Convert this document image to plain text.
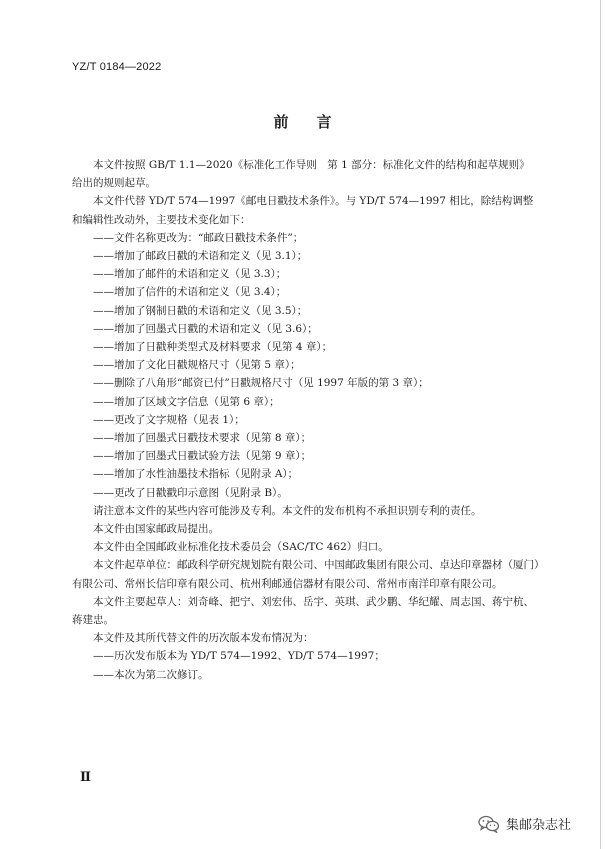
YZ/T 0184—2022
前言

本文件按照 GB/T 1.1—2020《标准化工作导则　第 1 部分：标准化文件的结构和起草规则》给出的规则起草。

本文件代替 YD/T 574—1997《邮电日戳技术条件》。与 YD/T 574—1997 相比，除结构调整和编辑性改动外，主要技术变化如下：

——文件名称更改为：“邮政日戳技术条件”；

——增加了邮政日戳的术语和定义（见 3.1）；

——增加了邮件的术语和定义（见 3.3）；

——增加了信件的术语和定义（见 3.4）；

——增加了钢制日戳的术语和定义（见 3.5）；

——增加了回墨式日戳的术语和定义（见 3.6）；

——增加了日戳种类型式及材料要求（见第 4 章）；

——增加了文化日戳规格尺寸（见第 5 章）；

——删除了八角形“邮资已付”日戳规格尺寸（见 1997 年版的第 3 章）；

——增加了区域文字信息（见第 6 章）；

——更改了文字规格（见表 1）；

——增加了回墨式日戳技术要求（见第 8 章）；

——增加了回墨式日戳试验方法（见第 9 章）；

——增加了水性油墨技术指标（见附录 A）；

——更改了日戳戳印示意图（见附录 B）。

请注意本文件的某些内容可能涉及专利。本文件的发布机构不承担识别专利的责任。

本文件由国家邮政局提出。

本文件由全国邮政业标准化技术委员会（SAC/TC 462）归口。

本文件起草单位：邮政科学研究规划院有限公司、中国邮政集团有限公司、卓达印章器材（厦门）有限公司、常州长信印章有限公司、杭州利邮通信器材有限公司、常州市南洋印章有限公司。

本文件主要起草人：刘奇峰、把宁、刘宏伟、岳宇、英琪、武少鹏、华纪耀、周志国、蒋宁杭、蒋建忠。

本文件及其所代替文件的历次版本发布情况为：

——历次发布版本为 YD/T 574—1992、YD/T 574—1997；

——本次为第二次修订。

Ⅱ
集邮杂志社
